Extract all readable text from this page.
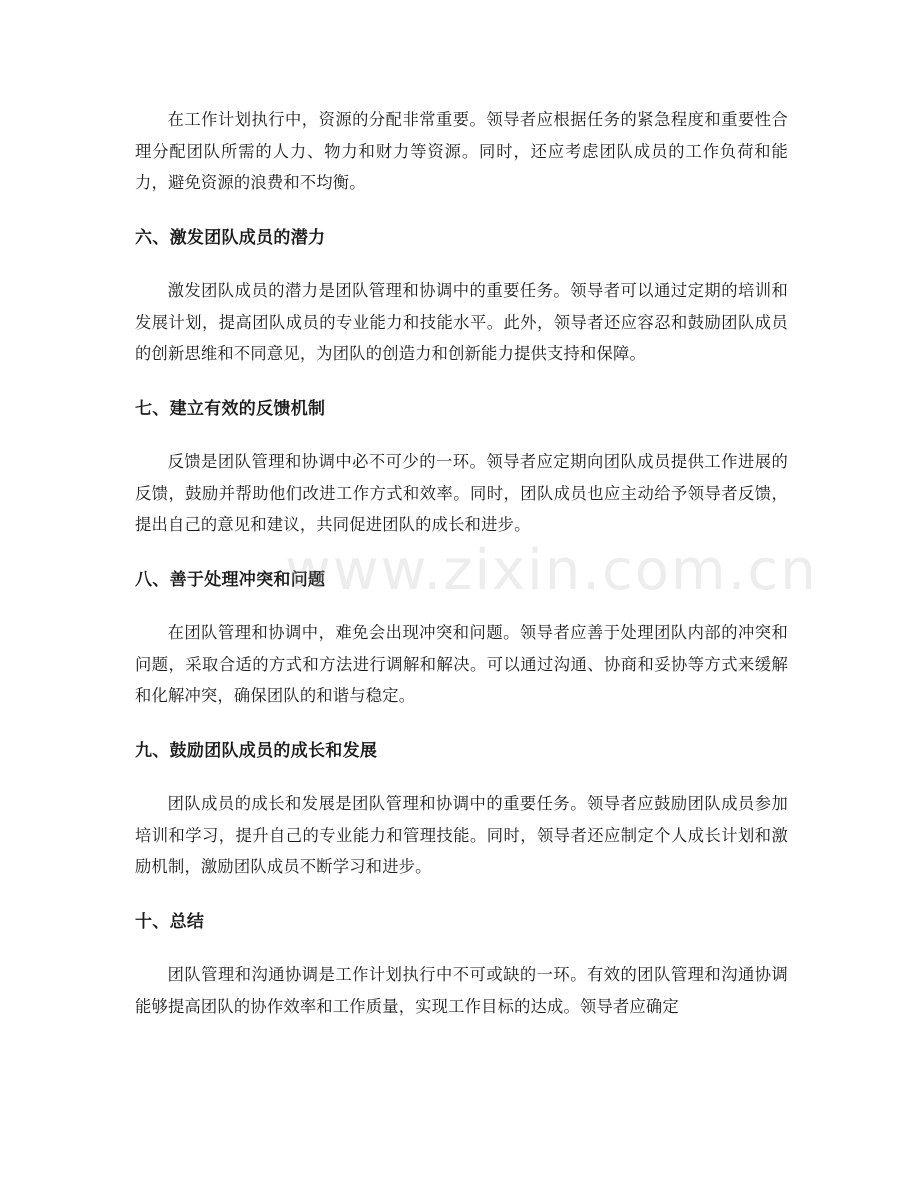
在工作计划执行中，资源的分配非常重要。领导者应根据任务的紧急程度和重要性合理分配团队所需的人力、物力和财力等资源。同时，还应考虑团队成员的工作负荷和能力，避免资源的浪费和不均衡。

六、激发团队成员的潜力

激发团队成员的潜力是团队管理和协调中的重要任务。领导者可以通过定期的培训和发展计划，提高团队成员的专业能力和技能水平。此外，领导者还应容忍和鼓励团队成员的创新思维和不同意见，为团队的创造力和创新能力提供支持和保障。

七、建立有效的反馈机制

反馈是团队管理和协调中必不可少的一环。领导者应定期向团队成员提供工作进展的反馈，鼓励并帮助他们改进工作方式和效率。同时，团队成员也应主动给予领导者反馈，提出自己的意见和建议，共同促进团队的成长和进步。

八、善于处理冲突和问题

在团队管理和协调中，难免会出现冲突和问题。领导者应善于处理团队内部的冲突和问题，采取合适的方式和方法进行调解和解决。可以通过沟通、协商和妥协等方式来缓解和化解冲突，确保团队的和谐与稳定。

九、鼓励团队成员的成长和发展

团队成员的成长和发展是团队管理和协调中的重要任务。领导者应鼓励团队成员参加培训和学习，提升自己的专业能力和管理技能。同时，领导者还应制定个人成长计划和激励机制，激励团队成员不断学习和进步。

十、总结

团队管理和沟通协调是工作计划执行中不可或缺的一环。有效的团队管理和沟通协调能够提高团队的协作效率和工作质量，实现工作目标的达成。领导者应确定

www.zixin.com.cn
